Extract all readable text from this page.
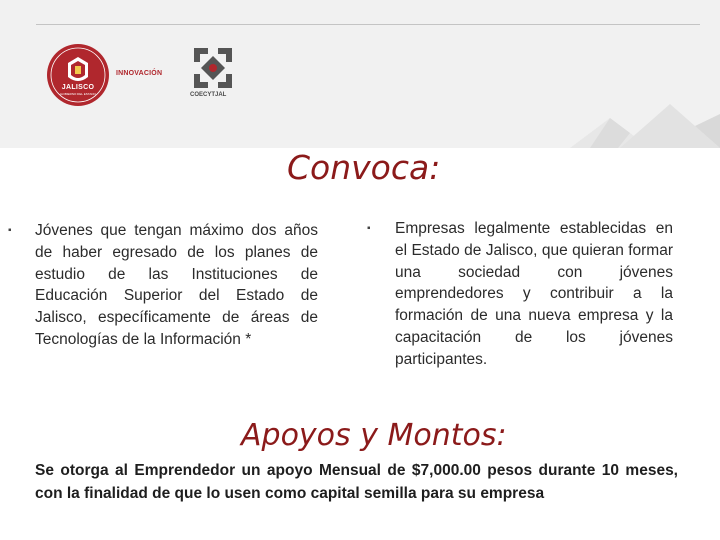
JALISCO
GOBIERNO DEL ESTADO
INNOVACIÓN
COECYTJAL
Convoca:
▪ Jóvenes que tengan máximo dos años de haber egresado de los planes de estudio de las Instituciones de Educación Superior del Estado de Jalisco, específicamente de áreas de Tecnologías de la Información *
▪ Empresas legalmente establecidas en el Estado de Jalisco, que quieran formar una sociedad con jóvenes emprendedores y contribuir a la formación de una nueva empresa y la capacitación de los jóvenes participantes.
Apoyos y Montos:
Se otorga al Emprendedor un apoyo Mensual de $7,000.00 pesos durante 10 meses, con la finalidad de que lo usen como capital semilla para su empresa
